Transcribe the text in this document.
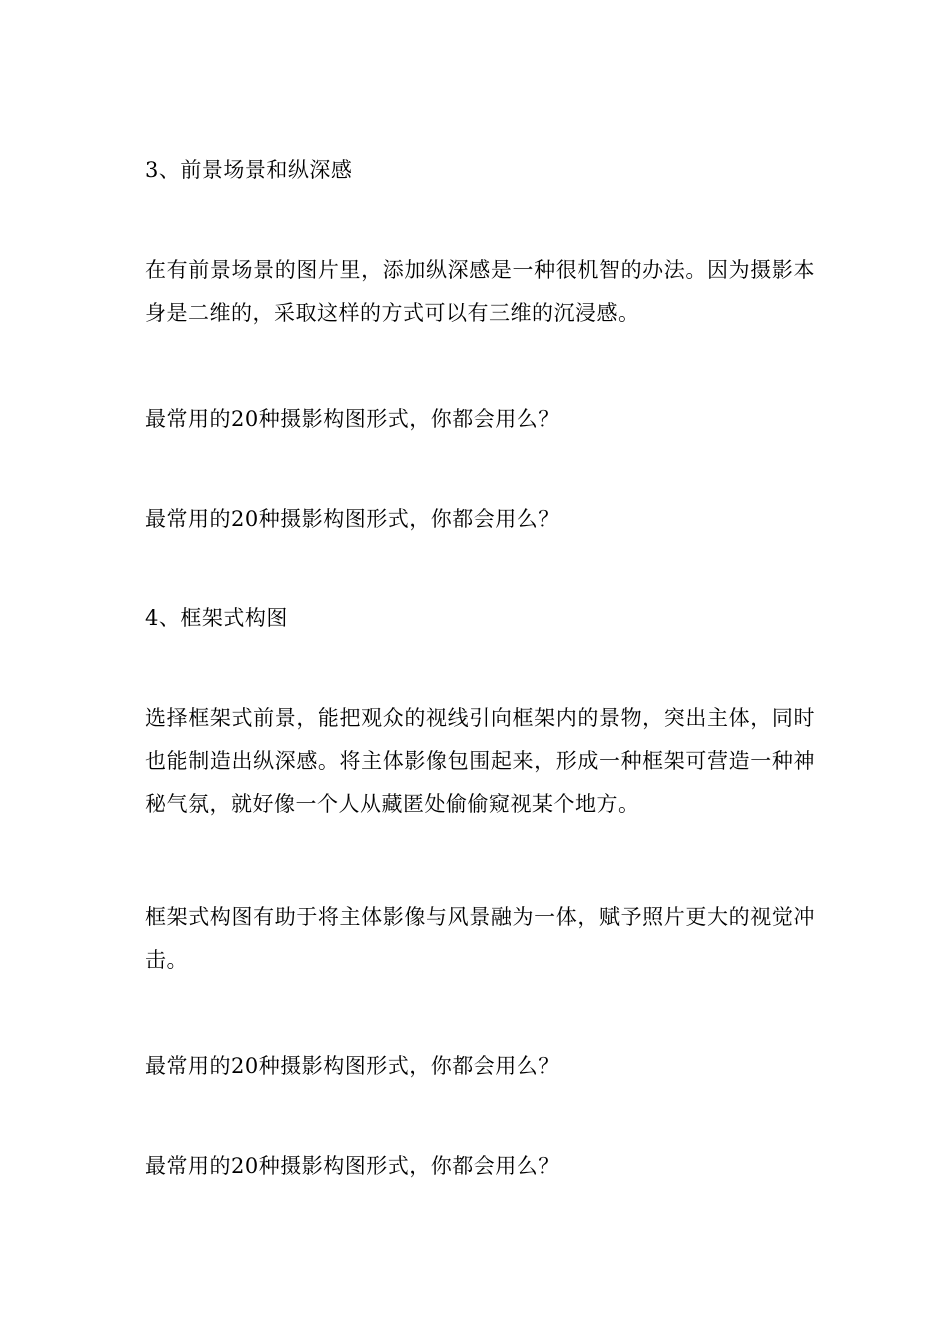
3、前景场景和纵深感

在有前景场景的图片里，添加纵深感是一种很机智的办法。因为摄影本身是二维的，采取这样的方式可以有三维的沉浸感。

最常用的20种摄影构图形式，你都会用么？

最常用的20种摄影构图形式，你都会用么？

4、框架式构图

选择框架式前景，能把观众的视线引向框架内的景物，突出主体，同时也能制造出纵深感。将主体影像包围起来，形成一种框架可营造一种神秘气氛，就好像一个人从藏匿处偷偷窥视某个地方。

框架式构图有助于将主体影像与风景融为一体，赋予照片更大的视觉冲击。

最常用的20种摄影构图形式，你都会用么？

最常用的20种摄影构图形式，你都会用么？
